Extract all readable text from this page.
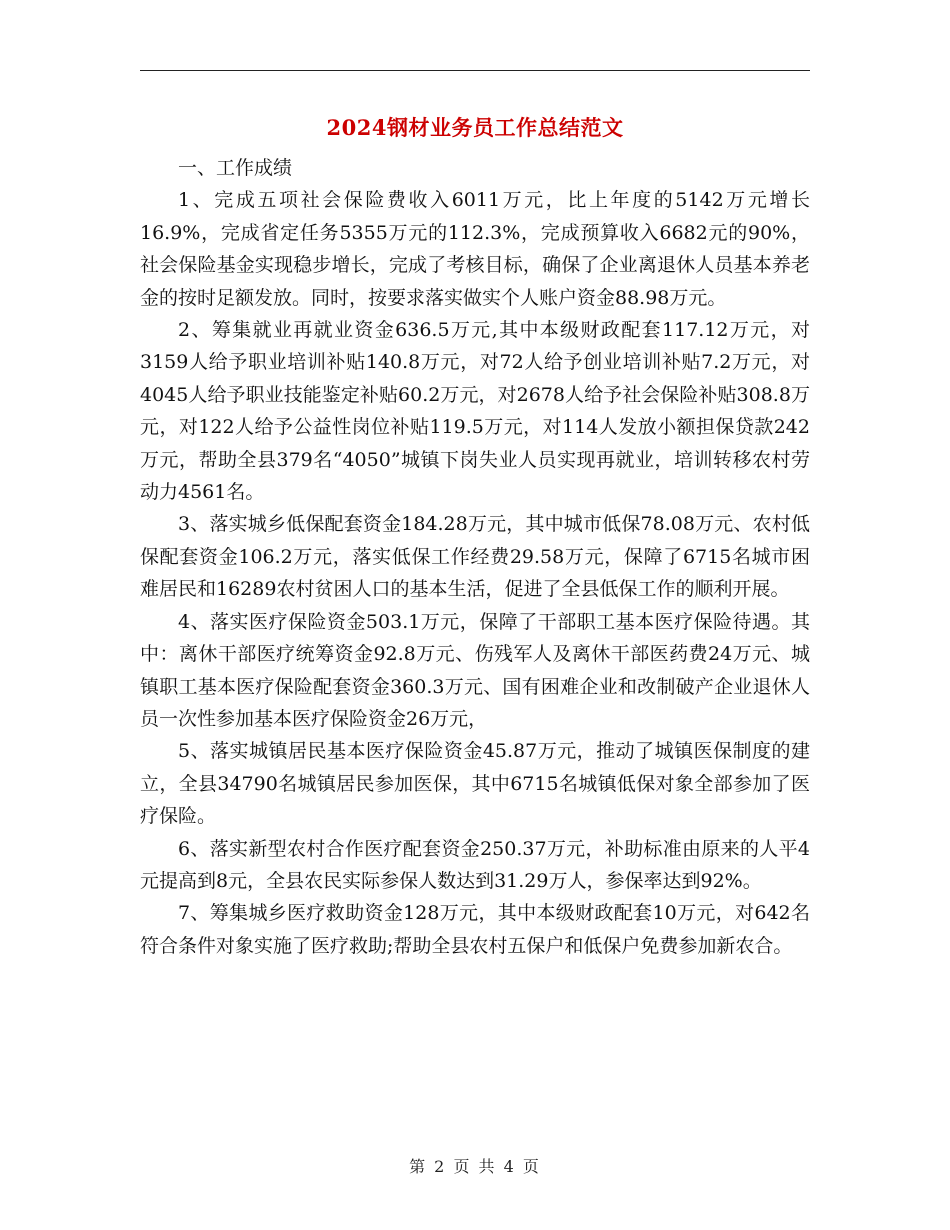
2024钢材业务员工作总结范文

一、工作成绩

1、完成五项社会保险费收入6011万元，比上年度的5142万元增长16.9%，完成省定任务5355万元的112.3%，完成预算收入6682元的90%，社会保险基金实现稳步增长，完成了考核目标，确保了企业离退休人员基本养老金的按时足额发放。同时，按要求落实做实个人账户资金88.98万元。

2、筹集就业再就业资金636.5万元,其中本级财政配套117.12万元，对3159人给予职业培训补贴140.8万元，对72人给予创业培训补贴7.2万元，对4045人给予职业技能鉴定补贴60.2万元，对2678人给予社会保险补贴308.8万元，对122人给予公益性岗位补贴119.5万元，对114人发放小额担保贷款242万元，帮助全县379名“4050”城镇下岗失业人员实现再就业，培训转移农村劳动力4561名。

3、落实城乡低保配套资金184.28万元，其中城市低保78.08万元、农村低保配套资金106.2万元，落实低保工作经费29.58万元，保障了6715名城市困难居民和16289农村贫困人口的基本生活，促进了全县低保工作的顺利开展。

4、落实医疗保险资金503.1万元，保障了干部职工基本医疗保险待遇。其中：离休干部医疗统筹资金92.8万元、伤残军人及离休干部医药费24万元、城镇职工基本医疗保险配套资金360.3万元、国有困难企业和改制破产企业退休人员一次性参加基本医疗保险资金26万元，

5、落实城镇居民基本医疗保险资金45.87万元，推动了城镇医保制度的建立，全县34790名城镇居民参加医保，其中6715名城镇低保对象全部参加了医疗保险。

6、落实新型农村合作医疗配套资金250.37万元，补助标准由原来的人平4元提高到8元，全县农民实际参保人数达到31.29万人，参保率达到92%。

7、筹集城乡医疗救助资金128万元，其中本级财政配套10万元，对642名符合条件对象实施了医疗救助;帮助全县农村五保户和低保户免费参加新农合。

第 2 页 共 4 页
